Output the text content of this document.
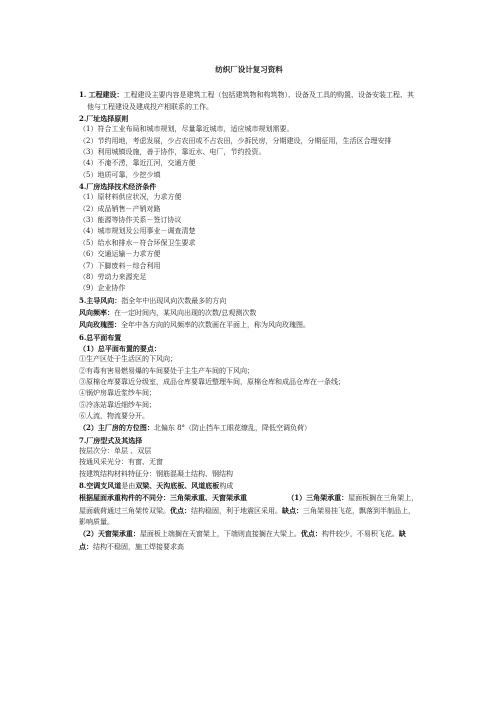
纺织厂设计复习资料
1. 工程建设：工程建设主要内容是建筑工程（包括建筑物和构筑物）、设备及工具的购置、设备安装工程、其他与工程建设及建成投产相联系的工作。
2.厂址选择原则
（1）符合工业布局和城市规划，尽量靠近城市，适应城市规划需要。
（2）节约用地，考虑发展，少占农田或不占农田，少拆民房，分期建设，分期征用，生活区合理安排
（3）利用城镇设施，善于协作，靠近水、电厂，节约投资。
（4）不淹不涝，靠近江河，交通方便
（5）地质可靠，少挖少填
4.厂房选择技术经济条件
（1）原材料供应状况，力求方便
（2）成品销售－产销对路
（3）能源等协作关系－签订协议
（4）城市规划及公用事业－调查清楚
（5）给水和排水－符合环保卫生要求
（6）交通运输－力求方便
（7）下脚废料－综合利用
（8）劳动力来源充足
（9）企业协作
5.主导风向：指全年中出现风向次数最多的方向
风向频率：在一定时间内，某风向出现的次数/总观测次数
风向玫瑰图：全年中各方向的风频率的次数画在平面上，称为风向玫瑰图。
6.总平面布置
（1）总平面布置的要点：
①生产区处于生活区的下风向；
②有毒有害易燃易爆的车间要处于主生产车间的下风向；
③原棉仓库要靠近分级室，成品仓库要靠近整理车间，原棉仓库和成品仓库在一条线；
④锅炉房靠近浆纱车间；
⑤冷冻站靠近细纱车间；
⑥人流，物流要分开。
（2）主厂房的方位图：北偏东 8°（防止挡车工眼花缭乱，降低空调负荷）
7.厂房型式及其选择
按层次分：单层 、双层
按通风采光分：有窗、无窗
按建筑结构材料特征分：钢筋混凝土结构、钢结构
8.空调支风道是由双梁、天沟底板、风道底板构成
根据屋面承重构件的不同分：三角架承重、天窗架承重	（1）三角架承重：屋面板搁在三角架上，屋面载荷通过三角架传双梁。优点：结构稳固，利于地震区采用。缺点：三角架易挂飞花，飘落到半制品上，影响质量。
（2）天窗架承重：屋面板上端搁在天窗架上，下端则直接搁在大梁上。优点：构件较少，不易积飞花。缺点：结构不稳固，施工焊接要求高
